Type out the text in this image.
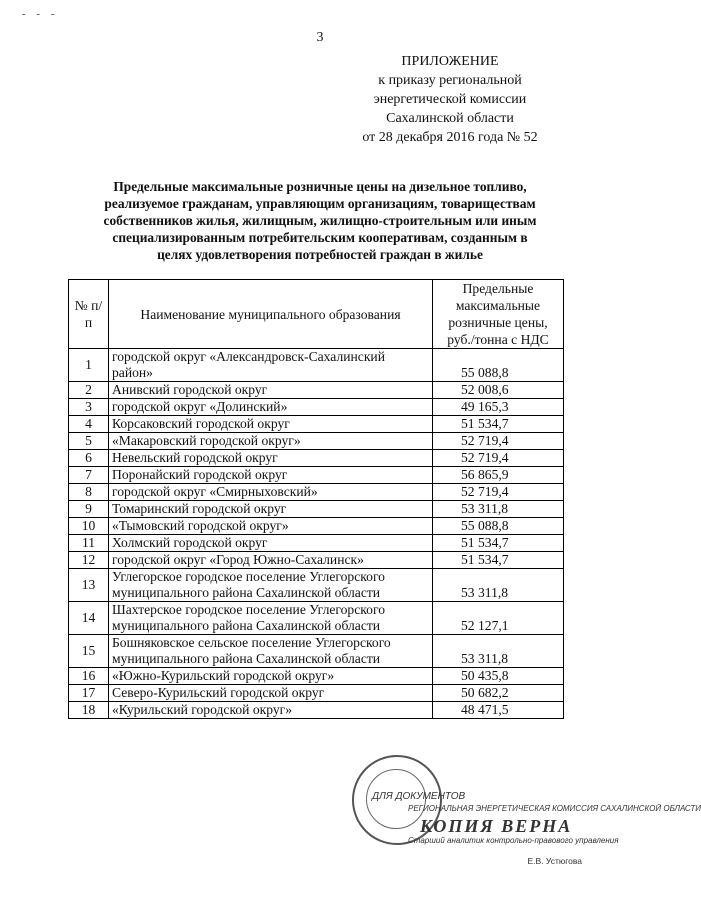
- - -
3
ПРИЛОЖЕНИЕ
к приказу региональной
энергетической комиссии
Сахалинской области
от 28 декабря 2016 года № 52
Предельные максимальные розничные цены на дизельное топливо,
реализуемое гражданам, управляющим организациям, товариществам
собственников жилья, жилищным, жилищно-строительным или иным
специализированным потребительским кооперативам, созданным в
целях удовлетворения потребностей граждан в жилье
№ п/п	Наименование муниципального образования	Предельные максимальные розничные цены, руб./тонна с НДС
1	городской округ «Александровск-Сахалинский район»	55 088,8
2	Анивский городской округ	52 008,6
3	городской округ «Долинский»	49 165,3
4	Корсаковский городской округ	51 534,7
5	«Макаровский городской округ»	52 719,4
6	Невельский городской округ	52 719,4
7	Поронайский городской округ	56 865,9
8	городской округ «Смирныховский»	52 719,4
9	Томаринский городской округ	53 311,8
10	«Тымовский городской округ»	55 088,8
11	Холмский городской округ	51 534,7
12	городской округ «Город Южно-Сахалинск»	51 534,7
13	Углегорское городское поселение Углегорского муниципального района Сахалинской области	53 311,8
14	Шахтерское городское поселение Углегорского муниципального района Сахалинской области	52 127,1
15	Бошняковское сельское поселение Углегорского муниципального района Сахалинской области	53 311,8
16	«Южно-Курильский городской округ»	50 435,8
17	Северо-Курильский городской округ	50 682,2
18	«Курильский городской округ»	48 471,5
ДЛЯ ДОКУМЕНТОВ
РЕГИОНАЛЬНАЯ ЭНЕРГЕТИЧЕСКАЯ КОМИССИЯ САХАЛИНСКОЙ ОБЛАСТИ
КОПИЯ ВЕРНА
Старший аналитик контрольно-правового управления
Е.В. Устюгова
